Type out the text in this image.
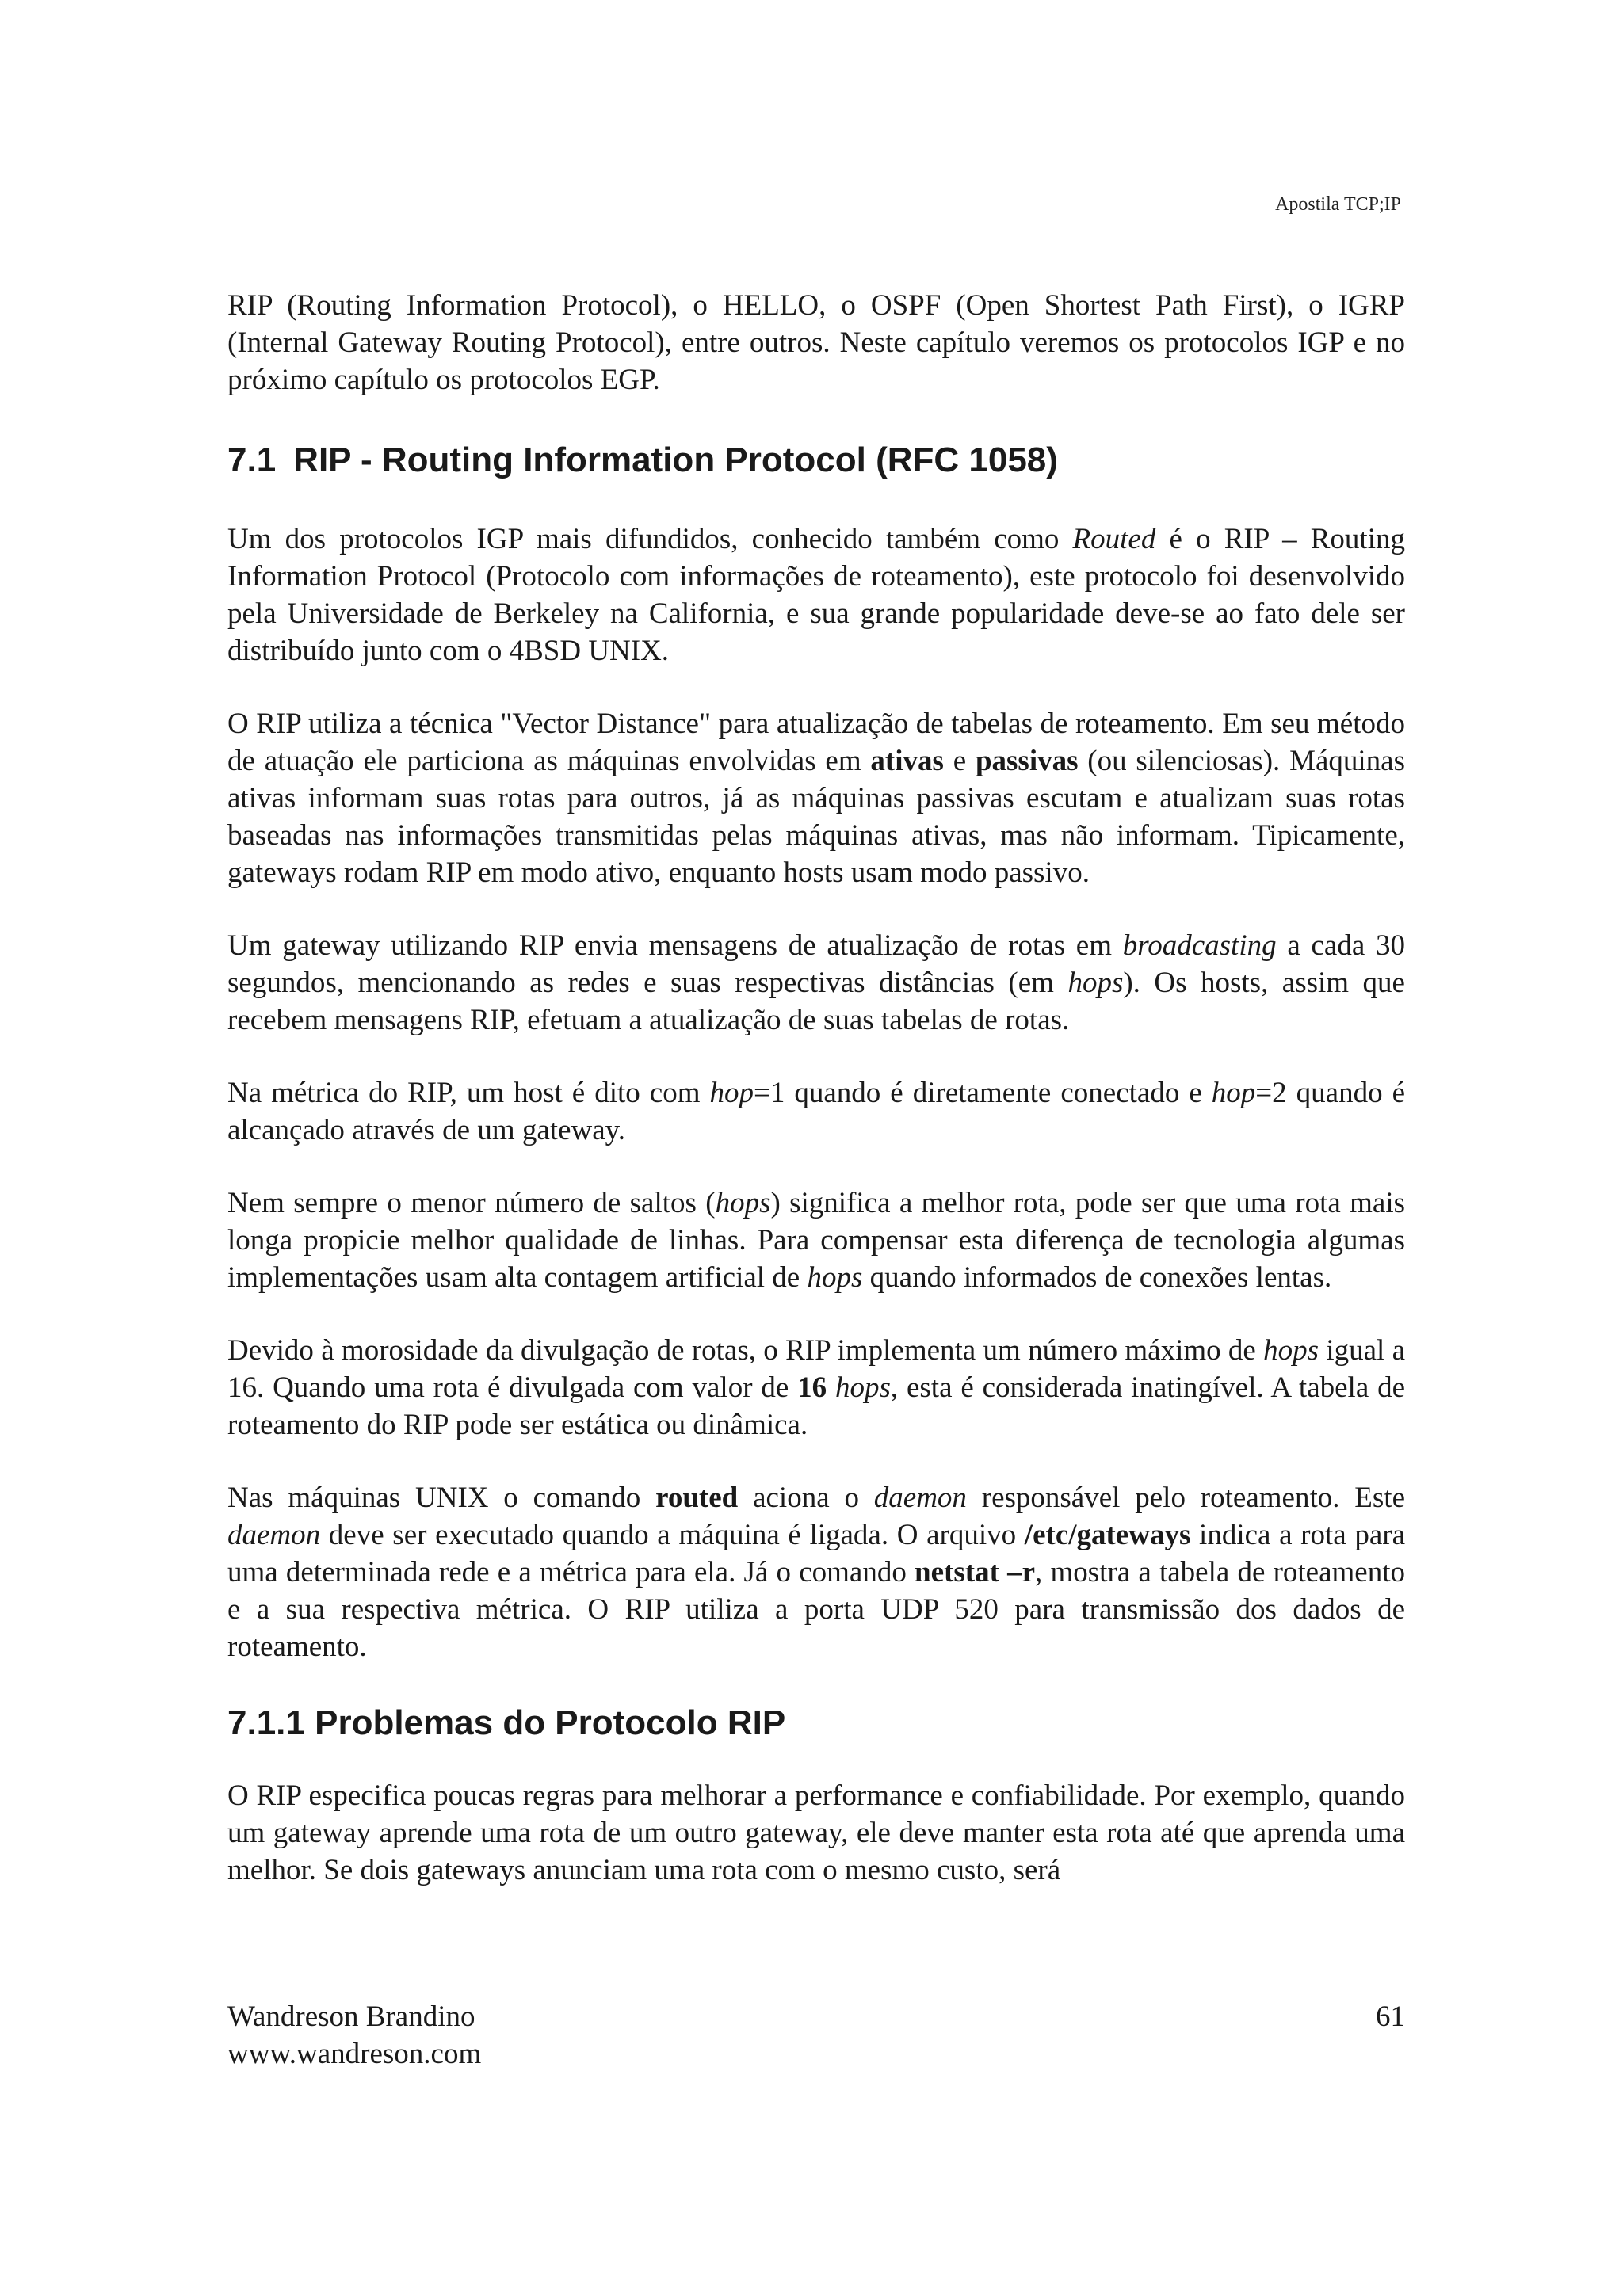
Apostila TCP;IP

RIP (Routing Information Protocol), o HELLO, o OSPF (Open Shortest Path First), o IGRP (Internal Gateway Routing Protocol), entre outros. Neste capítulo veremos os protocolos IGP e no próximo capítulo os protocolos EGP.

7.1 RIP - Routing Information Protocol (RFC 1058)

Um dos protocolos IGP mais difundidos, conhecido também como Routed é o RIP – Routing Information Protocol (Protocolo com informações de roteamento), este protocolo foi desenvolvido pela Universidade de Berkeley na California, e sua grande popularidade deve-se ao fato dele ser distribuído junto com o 4BSD UNIX.

O RIP utiliza a técnica "Vector Distance" para atualização de tabelas de roteamento. Em seu método de atuação ele particiona as máquinas envolvidas em ativas e passivas (ou silenciosas). Máquinas ativas informam suas rotas para outros, já as máquinas passivas escutam e atualizam suas rotas baseadas nas informações transmitidas pelas máquinas ativas, mas não informam. Tipicamente, gateways rodam RIP em modo ativo, enquanto hosts usam modo passivo.

Um gateway utilizando RIP envia mensagens de atualização de rotas em broadcasting a cada 30 segundos, mencionando as redes e suas respectivas distâncias (em hops). Os hosts, assim que recebem mensagens RIP, efetuam a atualização de suas tabelas de rotas.

Na métrica do RIP, um host é dito com hop=1 quando é diretamente conectado e hop=2 quando é alcançado através de um gateway.

Nem sempre o menor número de saltos (hops) significa a melhor rota, pode ser que uma rota mais longa propicie melhor qualidade de linhas. Para compensar esta diferença de tecnologia algumas implementações usam alta contagem artificial de hops quando informados de conexões lentas.

Devido à morosidade da divulgação de rotas, o RIP implementa um número máximo de hops igual a 16. Quando uma rota é divulgada com valor de 16 hops, esta é considerada inatingível. A tabela de roteamento do RIP pode ser estática ou dinâmica.

Nas máquinas UNIX o comando routed aciona o daemon responsável pelo roteamento. Este daemon deve ser executado quando a máquina é ligada. O arquivo /etc/gateways indica a rota para uma determinada rede e a métrica para ela. Já o comando netstat –r, mostra a tabela de roteamento e a sua respectiva métrica. O RIP utiliza a porta UDP 520 para transmissão dos dados de roteamento.

7.1.1 Problemas do Protocolo RIP

O RIP especifica poucas regras para melhorar a performance e confiabilidade. Por exemplo, quando um gateway aprende uma rota de um outro gateway, ele deve manter esta rota até que aprenda uma melhor. Se dois gateways anunciam uma rota com o mesmo custo, será

Wandreson Brandino
www.wandreson.com
61
